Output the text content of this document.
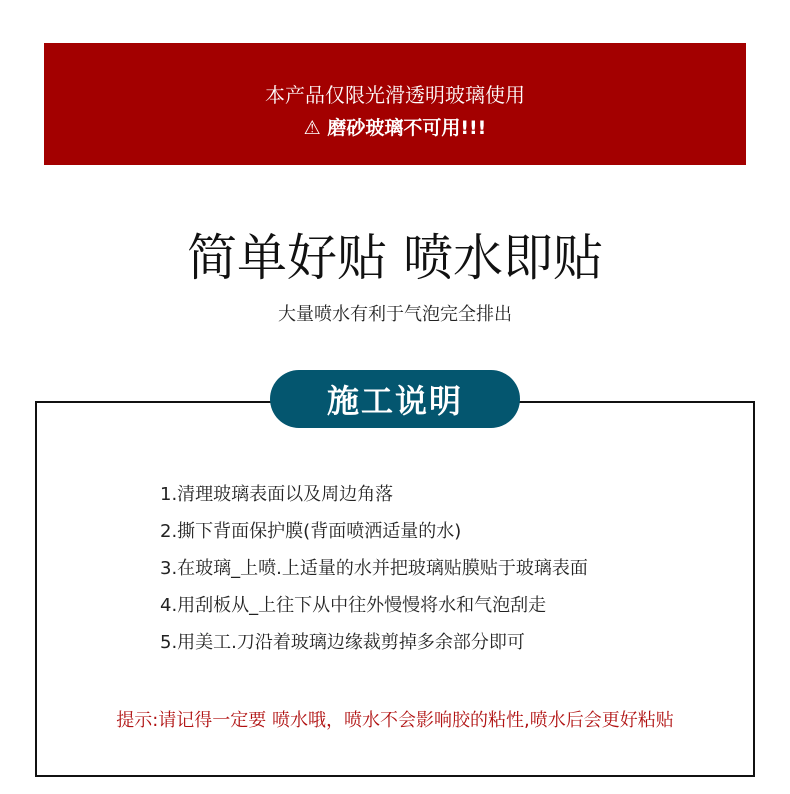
本产品仅限光滑透明玻璃使用
⚠ 磨砂玻璃不可用!!!
简单好贴 喷水即贴
大量喷水有利于气泡完全排出
施工说明
1.清理玻璃表面以及周边角落
2.撕下背面保护膜(背面喷洒适量的水)
3.在玻璃_上喷.上适量的水并把玻璃贴膜贴于玻璃表面
4.用刮板从_上往下从中往外慢慢将水和气泡刮走
5.用美工.刀沿着玻璃边缘裁剪掉多余部分即可
提示:请记得一定要 喷水哦，喷水不会影响胶的粘性,喷水后会更好粘贴
